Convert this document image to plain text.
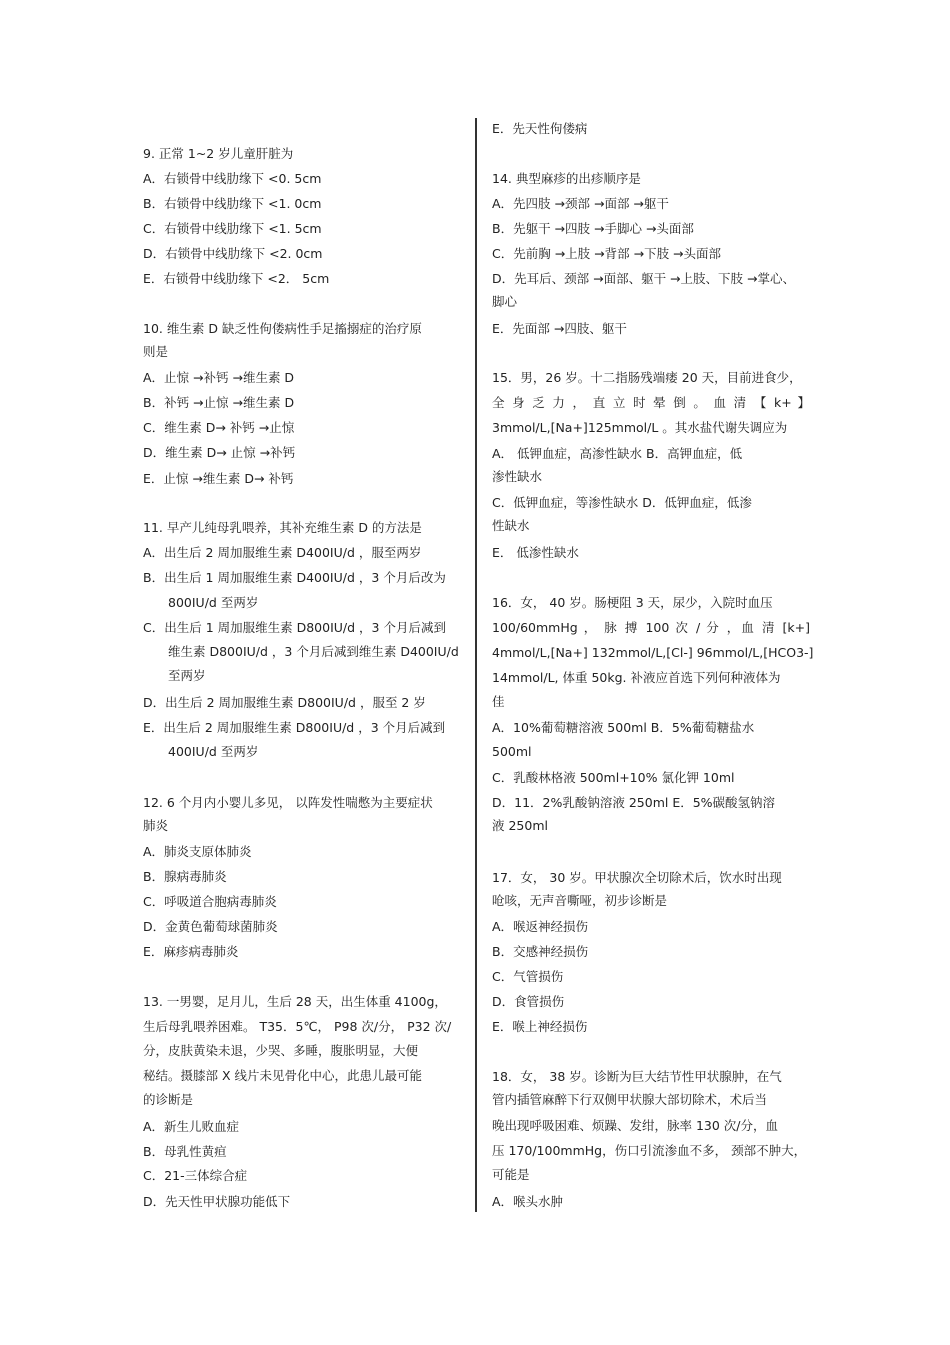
9. 正常 1~2 岁儿童肝脏为
A．右锁骨中线肋缘下 <0. 5cm
B．右锁骨中线肋缘下 <1. 0cm
C．右锁骨中线肋缘下 <1. 5cm
D．右锁骨中线肋缘下 <2. 0cm
E．右锁骨中线肋缘下 <2． 5cm
10. 维生素 D 缺乏性佝偻病性手足搐搦症的治疗原
则是
A．止惊 →补钙 →维生素 D
B．补钙 →止惊 →维生素 D
C．维生素 D→ 补钙 →止惊
D．维生素 D→ 止惊 →补钙
E．止惊 →维生素 D→ 补钙
11. 早产儿纯母乳喂养，其补充维生素 D 的方法是
A．出生后 2 周加服维生素 D400IU/d ，服至两岁
B．出生后 1 周加服维生素 D400IU/d ，3 个月后改为
800IU/d 至两岁
C．出生后 1 周加服维生素 D800IU/d ，3 个月后减到
维生素 D800IU/d ，3 个月后减到维生素 D400IU/d
至两岁
D．出生后 2 周加服维生素 D800IU/d ，服至 2 岁
E．出生后 2 周加服维生素 D800IU/d ，3 个月后减到
400IU/d 至两岁
12. 6 个月内小婴儿多见， 以阵发性喘憋为主要症状
肺炎
A．肺炎支原体肺炎
B．腺病毒肺炎
C．呼吸道合胞病毒肺炎
D．金黄色葡萄球菌肺炎
E．麻疹病毒肺炎
13. 一男婴，足月儿，生后 28 天，出生体重 4100g，
生后母乳喂养困难。 T35．5℃， P98 次/分， P32 次/
分，皮肤黄染未退，少哭、多睡，腹胀明显，大便
秘结。摄膝部 X 线片未见骨化中心，此患儿最可能
的诊断是
A．新生儿败血症
B．母乳性黄疸
C．21-三体综合症
D．先天性甲状腺功能低下
E．先天性佝偻病
14. 典型麻疹的出疹顺序是
A．先四肢 →颈部 →面部 →躯干
B．先躯干 →四肢 →手脚心 →头面部
C．先前胸 →上肢 →背部 →下肢 →头面部
D．先耳后、颈部 →面部、躯干 →上肢、下肢 →掌心、
脚心
E．先面部 →四肢、躯干
15．男，26 岁。十二指肠残端瘘 20 天，目前进食少，
全 身 乏 力 ， 直 立 时 晕 倒 。 血 清 【 k+ 】
3mmol/L,[Na+]125mmol/L 。其水盐代谢失调应为
A． 低钾血症，高渗性缺水 B．高钾血症，低
渗性缺水
C．低钾血症，等渗性缺水 D．低钾血症，低渗
性缺水
E． 低渗性缺水
16．女， 40 岁。肠梗阻 3 天，尿少，入院时血压
100/60mmHg ， 脉 搏 100 次 / 分 ，血 清 [k+]
4mmol/L,[Na+] 132mmol/L,[Cl-] 96mmol/L,[HCO3-]
14mmol/L, 体重 50kg. 补液应首选下列何种液体为
佳
A．10%葡萄糖溶液 500ml B．5%葡萄糖盐水
500ml
C．乳酸林格液 500ml+10% 氯化钾 10ml
D．11．2%乳酸钠溶液 250ml E．5%碳酸氢钠溶
液 250ml
17．女， 30 岁。甲状腺次全切除术后，饮水时出现
呛咳，无声音嘶哑，初步诊断是
A．喉返神经损伤
B．交感神经损伤
C．气管损伤
D．食管损伤
E．喉上神经损伤
18．女， 38 岁。诊断为巨大结节性甲状腺肿，在气
管内插管麻醉下行双侧甲状腺大部切除术，术后当
晚出现呼吸困难、烦躁、发绀，脉率 130 次/分，血
压 170/100mmHg，伤口引流渗血不多， 颈部不肿大，
可能是
A．喉头水肿
